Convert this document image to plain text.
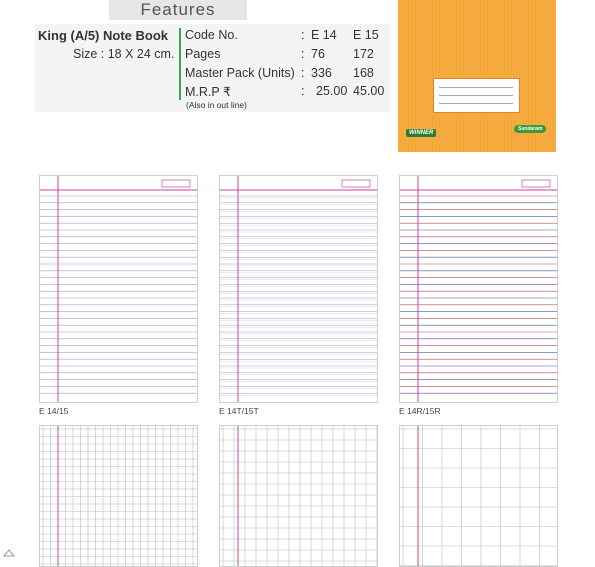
Features
King (A/5) Note Book
Size : 18 X 24 cm.
Code No.	: E 14 E 15
Pages	: 76 172
Master Pack (Units) : 336 168
M.R.P ₹	: 25.00 45.00
(Also in out line)
WINNER
Sundaram
E 14/15	E 14T/15T	E 14R/15R
